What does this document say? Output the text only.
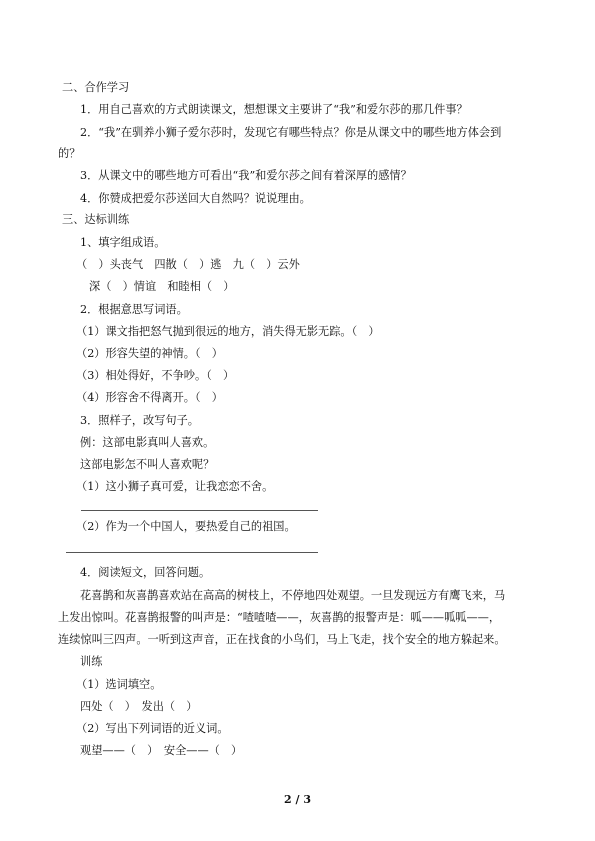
二、合作学习
1．用自己喜欢的方式朗读课文，想想课文主要讲了“我”和爱尔莎的那几件事？
2．“我”在驯养小狮子爱尔莎时，发现它有哪些特点？你是从课文中的哪些地方体会到
的？
3．从课文中的哪些地方可看出“我”和爱尔莎之间有着深厚的感情？
4．你赞成把爱尔莎送回大自然吗？说说理由。
三、达标训练
1、填字组成语。
（　）头丧气　四散（　）逃　九（　）云外
深（　）情谊　和睦相（　）
2．根据意思写词语。
（1）课文指把怒气抛到很远的地方，消失得无影无踪。（　）
（2）形容失望的神情。（　）
（3）相处得好，不争吵。（　）
（4）形容舍不得离开。（　）
3．照样子，改写句子。
例：这部电影真叫人喜欢。
这部电影怎不叫人喜欢呢？
（1）这小狮子真可爱，让我恋恋不舍。
（2）作为一个中国人，要热爱自己的祖国。
4．阅读短文，回答问题。
花喜鹊和灰喜鹊喜欢站在高高的树枝上，不停地四处观望。一旦发现远方有鹰飞来，马
上发出惊叫。花喜鹊报警的叫声是：“喳喳喳——，灰喜鹊的报警声是：呱——呱呱——，
连续惊叫三四声。一听到这声音，正在找食的小鸟们，马上飞走，找个安全的地方躲起来。
训练
（1）选词填空。
四处（　）　发出（　）
（2）写出下列词语的近义词。
观望——（　）　安全——（　）
2 / 3
